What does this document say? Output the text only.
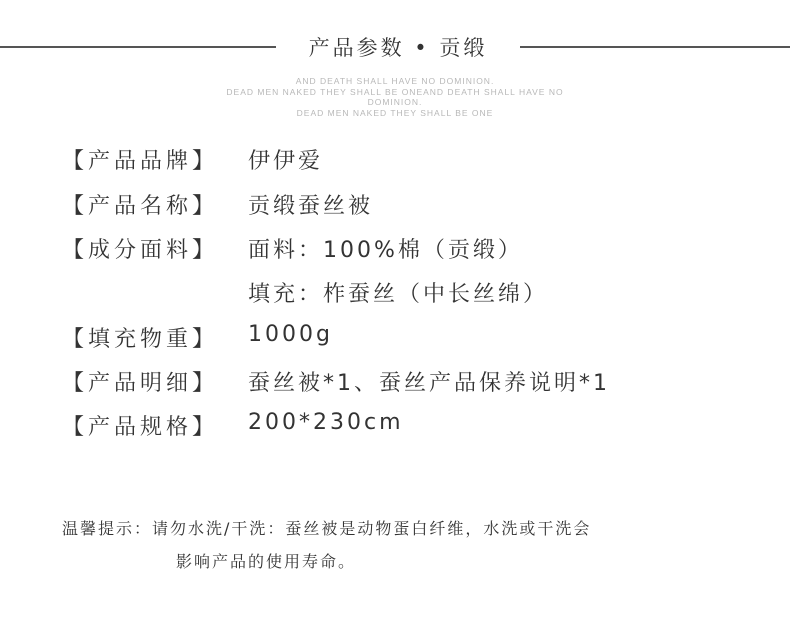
产品参数 • 贡缎
AND DEATH SHALL HAVE NO DOMINION.
DEAD MEN NAKED THEY SHALL BE ONEAND DEATH SHALL HAVE NO
DOMINION.
DEAD MEN NAKED THEY SHALL BE ONE
【产品品牌】 伊伊爱
【产品名称】 贡缎蚕丝被
【成分面料】 面料：100%棉（贡缎）
填充：柞蚕丝（中长丝绵）
【填充物重】 1000g
【产品明细】 蚕丝被*1、蚕丝产品保养说明*1
【产品规格】 200*230cm
温馨提示：请勿水洗/干洗：蚕丝被是动物蛋白纤维，水洗或干洗会
影响产品的使用寿命。
